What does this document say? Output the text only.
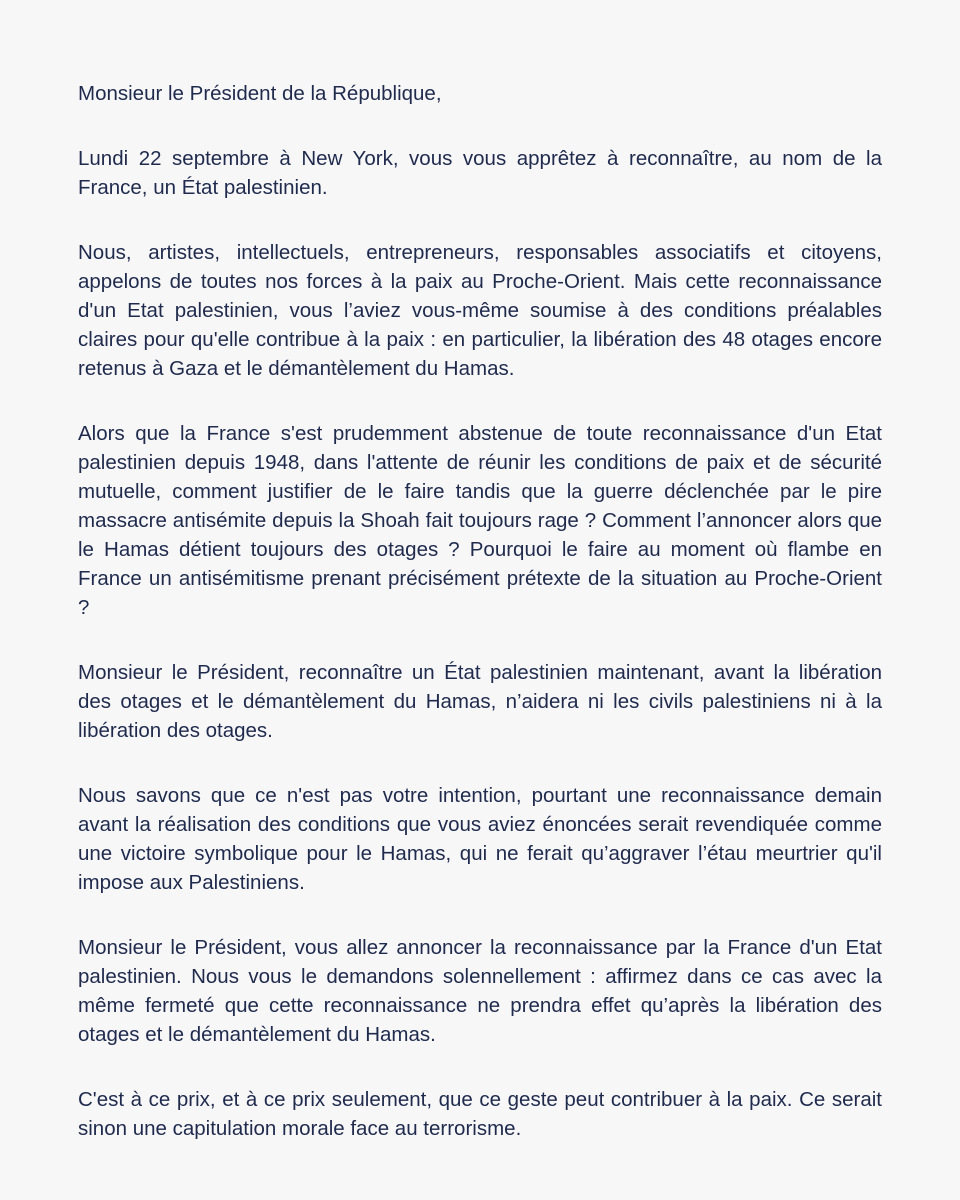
Monsieur le Président de la République,

Lundi 22 septembre à New York, vous vous apprêtez à reconnaître, au nom de la France, un État palestinien.

Nous, artistes, intellectuels, entrepreneurs, responsables associatifs et citoyens, appelons de toutes nos forces à la paix au Proche-Orient. Mais cette reconnaissance d'un Etat palestinien, vous l’aviez vous-même soumise à des conditions préalables claires pour qu'elle contribue à la paix : en particulier, la libération des 48 otages encore retenus à Gaza et le démantèlement du Hamas.

Alors que la France s'est prudemment abstenue de toute reconnaissance d'un Etat palestinien depuis 1948, dans l'attente de réunir les conditions de paix et de sécurité mutuelle, comment justifier de le faire tandis que la guerre déclenchée par le pire massacre antisémite depuis la Shoah fait toujours rage ? Comment l’annoncer alors que le Hamas détient toujours des otages ? Pourquoi le faire au moment où flambe en France un antisémitisme prenant précisément prétexte de la situation au Proche-Orient ?

Monsieur le Président, reconnaître un État palestinien maintenant, avant la libération des otages et le démantèlement du Hamas, n’aidera ni les civils palestiniens ni à la libération des otages.

Nous savons que ce n'est pas votre intention, pourtant une reconnaissance demain avant la réalisation des conditions que vous aviez énoncées serait revendiquée comme une victoire symbolique pour le Hamas, qui ne ferait qu’aggraver l’étau meurtrier qu'il impose aux Palestiniens.

Monsieur le Président, vous allez annoncer la reconnaissance par la France d'un Etat palestinien. Nous vous le demandons solennellement : affirmez dans ce cas avec la même fermeté que cette reconnaissance ne prendra effet qu’après la libération des otages et le démantèlement du Hamas.

C'est à ce prix, et à ce prix seulement, que ce geste peut contribuer à la paix. Ce serait sinon une capitulation morale face au terrorisme.
